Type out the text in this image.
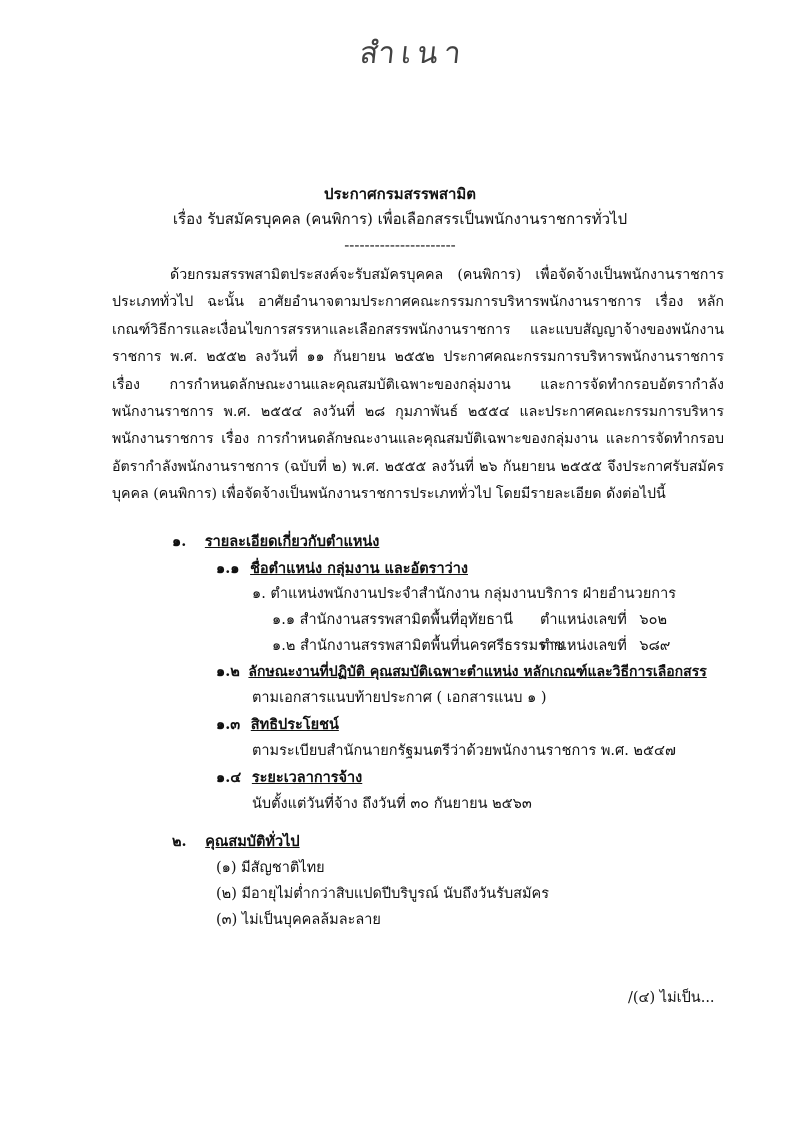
สำเนา
ประกาศกรมสรรพสามิต
เรื่อง รับสมัครบุคคล (คนพิการ) เพื่อเลือกสรรเป็นพนักงานราชการทั่วไป
----------------------
ด้วยกรมสรรพสามิตประสงค์จะรับสมัครบุคคล (คนพิการ) เพื่อจัดจ้างเป็นพนักงานราชการประเภททั่วไป ฉะนั้น อาศัยอำนาจตามประกาศคณะกรรมการบริหารพนักงานราชการ เรื่อง หลักเกณฑ์วิธีการและเงื่อนไขการสรรหาและเลือกสรรพนักงานราชการ และแบบสัญญาจ้างของพนักงานราชการ พ.ศ. ๒๕๕๒ ลงวันที่ ๑๑ กันยายน ๒๕๕๒ ประกาศคณะกรรมการบริหารพนักงานราชการ เรื่อง การกำหนดลักษณะงานและคุณสมบัติเฉพาะของกลุ่มงาน และการจัดทำกรอบอัตรากำลังพนักงานราชการ พ.ศ. ๒๕๕๔ ลงวันที่ ๒๘ กุมภาพันธ์ ๒๕๕๔ และประกาศคณะกรรมการบริหารพนักงานราชการ เรื่อง การกำหนดลักษณะงานและคุณสมบัติเฉพาะของกลุ่มงาน และการจัดทำกรอบอัตรากำลังพนักงานราชการ (ฉบับที่ ๒) พ.ศ. ๒๕๕๕ ลงวันที่ ๒๖ กันยายน ๒๕๕๕ จึงประกาศรับสมัครบุคคล (คนพิการ) เพื่อจัดจ้างเป็นพนักงานราชการประเภททั่วไป โดยมีรายละเอียด ดังต่อไปนี้
๑. รายละเอียดเกี่ยวกับตำแหน่ง
๑.๑ ชื่อตำแหน่ง กลุ่มงาน และอัตราว่าง
๑. ตำแหน่งพนักงานประจำสำนักงาน กลุ่มงานบริการ ฝ่ายอำนวยการ
๑.๑ สำนักงานสรรพสามิตพื้นที่อุทัยธานี ตำแหน่งเลขที่ ๖๐๒
๑.๒ สำนักงานสรรพสามิตพื้นที่นครศรีธรรมราช
ตำแหน่งเลขที่ ๖๘๙
๑.๒ ลักษณะงานที่ปฏิบัติ คุณสมบัติเฉพาะตำแหน่ง หลักเกณฑ์และวิธีการเลือกสรร
ตามเอกสารแนบท้ายประกาศ ( เอกสารแนบ ๑ )
๑.๓ สิทธิประโยชน์
ตามระเบียบสำนักนายกรัฐมนตรีว่าด้วยพนักงานราชการ พ.ศ. ๒๕๔๗
๑.๔ ระยะเวลาการจ้าง
นับตั้งแต่วันที่จ้าง ถึงวันที่ ๓๐ กันยายน ๒๕๖๓
๒. คุณสมบัติทั่วไป
(๑) มีสัญชาติไทย
(๒) มีอายุไม่ต่ำกว่าสิบแปดปีบริบูรณ์ นับถึงวันรับสมัคร
(๓) ไม่เป็นบุคคลล้มละลาย
/(๔) ไม่เป็น...
